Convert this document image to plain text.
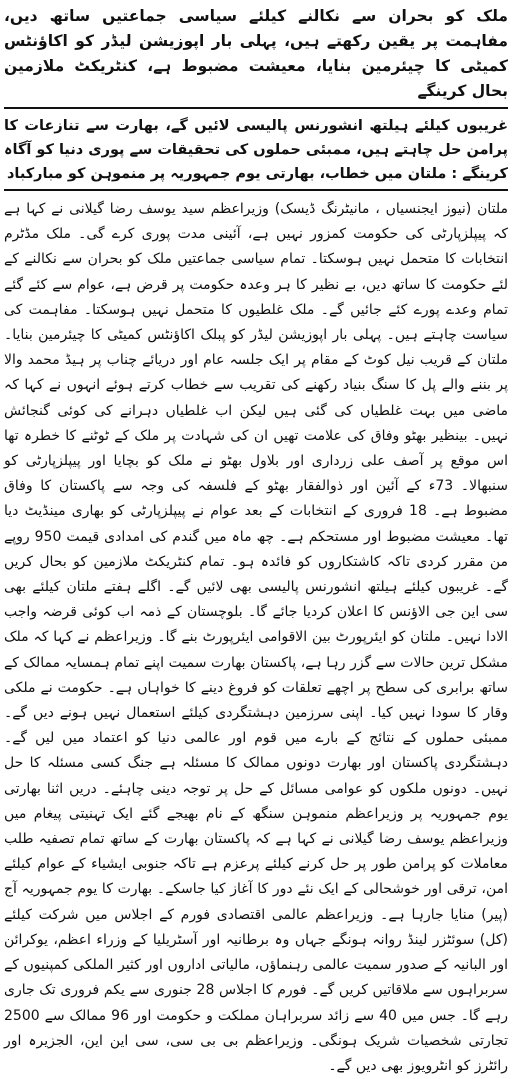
ملک کو بحران سے نکالنے کیلئے سیاسی جماعتیں ساتھ دیں، مفاہمت پر یقین رکھتے ہیں، پہلی بار اپوزیشن لیڈر کو اکاؤنٹس کمیٹی کا چیئرمین بنایا، معیشت مضبوط ہے، کنٹریکٹ ملازمین بحال کرینگے
غریبوں کیلئے ہیلتھ انشورنس پالیسی لائیں گے، بھارت سے تنازعات کا پرامن حل چاہتے ہیں، ممبئی حملوں کی تحقیقات سے پوری دنیا کو آگاہ کرینگے : ملتان میں خطاب، بھارتی یوم جمہوریہ پر منموہن کو مبارکباد

ملتان (نیوز ایجنسیاں ، مانیٹرنگ ڈیسک) وزیراعظم سید یوسف رضا گیلانی نے کہا ہے کہ پیپلزپارٹی کی حکومت کمزور نہیں ہے، آئینی مدت پوری کرے گی۔ ملک مڈٹرم انتخابات کا متحمل نہیں ہوسکتا۔ تمام سیاسی جماعتیں ملک کو بحران سے نکالنے کے لئے حکومت کا ساتھ دیں، بے نظیر کا ہر وعدہ حکومت پر قرض ہے، عوام سے کئے گئے تمام وعدے پورے کئے جائیں گے۔ ملک غلطیوں کا متحمل نہیں ہوسکتا۔ مفاہمت کی سیاست چاہتے ہیں۔ پہلی بار اپوزیشن لیڈر کو پبلک اکاؤنٹس کمیٹی کا چیئرمین بنایا۔ ملتان کے قریب نیل کوٹ کے مقام پر ایک جلسہ عام اور دریائے چناب پر ہیڈ محمد والا پر بننے والے پل کا سنگ بنیاد رکھنے کی تقریب سے خطاب کرتے ہوئے انہوں نے کہا کہ ماضی میں بہت غلطیاں کی گئی ہیں لیکن اب غلطیاں دہرانے کی کوئی گنجائش نہیں۔ بینظیر بھٹو وفاق کی علامت تھیں ان کی شہادت پر ملک کے ٹوٹنے کا خطرہ تھا اس موقع پر آصف علی زرداری اور بلاول بھٹو نے ملک کو بچایا اور پیپلزپارٹی کو سنبھالا۔ 73ء کے آئین اور ذوالفقار بھٹو کے فلسفہ کی وجہ سے پاکستان کا وفاق مضبوط ہے۔ 18 فروری کے انتخابات کے بعد عوام نے پیپلزپارٹی کو بھاری مینڈیٹ دیا تھا۔ معیشت مضبوط اور مستحکم ہے۔ چھ ماہ میں گندم کی امدادی قیمت 950 روپے من مقرر کردی تاکہ کاشتکاروں کو فائدہ ہو۔ تمام کنٹریکٹ ملازمین کو بحال کریں گے۔ غریبوں کیلئے ہیلتھ انشورنس پالیسی بھی لائیں گے۔ اگلے ہفتے ملتان کیلئے بھی سی این جی الاؤنس کا اعلان کردیا جائے گا۔ بلوچستان کے ذمہ اب کوئی قرضہ واجب الادا نہیں۔ ملتان کو ایئرپورٹ بین الاقوامی ایئرپورٹ بنے گا۔ وزیراعظم نے کہا کہ ملک مشکل ترین حالات سے گزر رہا ہے، پاکستان بھارت سمیت اپنے تمام ہمسایہ ممالک کے ساتھ برابری کی سطح پر اچھے تعلقات کو فروغ دینے کا خواہاں ہے۔ حکومت نے ملکی وقار کا سودا نہیں کیا۔ اپنی سرزمین دہشتگردی کیلئے استعمال نہیں ہونے دیں گے۔ ممبئی حملوں کے نتائج کے بارے میں قوم اور عالمی دنیا کو اعتماد میں لیں گے۔ دہشتگردی پاکستان اور بھارت دونوں ممالک کا مسئلہ ہے جنگ کسی مسئلہ کا حل نہیں۔ دونوں ملکوں کو عوامی مسائل کے حل پر توجہ دینی چاہئے۔ دریں اثنا بھارتی یوم جمہوریہ پر وزیراعظم منموہن سنگھ کے نام بھیجے گئے ایک تہنیتی پیغام میں وزیراعظم یوسف رضا گیلانی نے کہا ہے کہ پاکستان بھارت کے ساتھ تمام تصفیہ طلب معاملات کو پرامن طور پر حل کرنے کیلئے پرعزم ہے تاکہ جنوبی ایشیاء کے عوام کیلئے امن، ترقی اور خوشحالی کے ایک نئے دور کا آغاز کیا جاسکے۔ بھارت کا یوم جمہوریہ آج (پیر) منایا جارہا ہے۔ وزیراعظم عالمی اقتصادی فورم کے اجلاس میں شرکت کیلئے (کل) سوئٹزر لینڈ روانہ ہونگے جہاں وہ برطانیہ اور آسٹریلیا کے وزراء اعظم، یوکرائن اور البانیہ کے صدور سمیت عالمی رہنماؤں، مالیاتی اداروں اور کثیر الملکی کمپنیوں کے سربراہوں سے ملاقاتیں کریں گے۔ فورم کا اجلاس 28 جنوری سے یکم فروری تک جاری رہے گا۔ جس میں 40 سے زائد سربراہان مملکت و حکومت اور 96 ممالک سے 2500 تجارتی شخصیات شریک ہونگی۔ وزیراعظم بی بی سی، سی این این، الجزیرہ اور رائٹرز کو انٹرویوز بھی دیں گے۔
